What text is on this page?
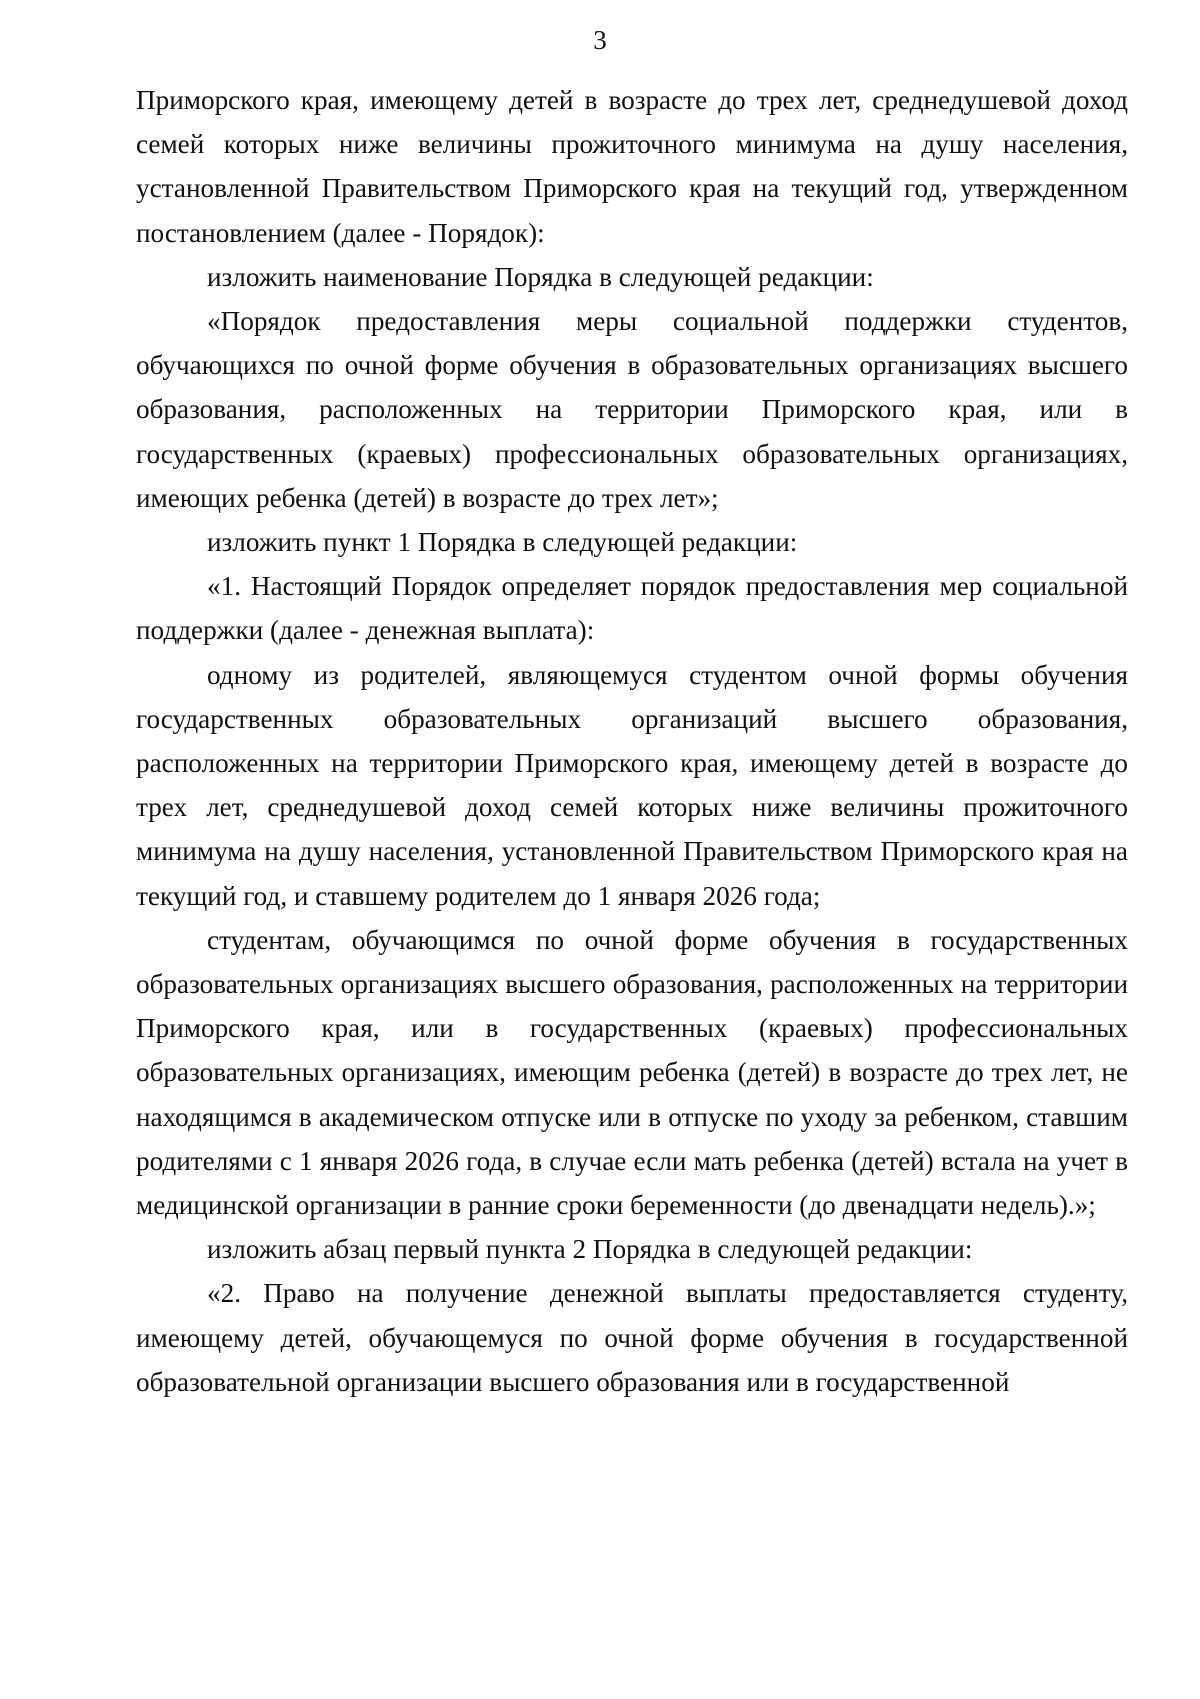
3

Приморского края, имеющему детей в возрасте до трех лет, среднедушевой доход семей которых ниже величины прожиточного минимума на душу населения, установленной Правительством Приморского края на текущий год, утвержденном постановлением (далее - Порядок):

изложить наименование Порядка в следующей редакции:

«Порядок предоставления меры социальной поддержки студентов, обучающихся по очной форме обучения в образовательных организациях высшего образования, расположенных на территории Приморского края, или в государственных (краевых) профессиональных образовательных организациях, имеющих ребенка (детей) в возрасте до трех лет»;

изложить пункт 1 Порядка в следующей редакции:

«1. Настоящий Порядок определяет порядок предоставления мер социальной поддержки (далее - денежная выплата):

одному из родителей, являющемуся студентом очной формы обучения государственных образовательных организаций высшего образования, расположенных на территории Приморского края, имеющему детей в возрасте до трех лет, среднедушевой доход семей которых ниже величины прожиточного минимума на душу населения, установленной Правительством Приморского края на текущий год, и ставшему родителем до 1 января 2026 года;

студентам, обучающимся по очной форме обучения в государственных образовательных организациях высшего образования, расположенных на территории Приморского края, или в государственных (краевых) профессиональных образовательных организациях, имеющим ребенка (детей) в возрасте до трех лет, не находящимся в академическом отпуске или в отпуске по уходу за ребенком, ставшим родителями с 1 января 2026 года, в случае если мать ребенка (детей) встала на учет в медицинской организации в ранние сроки беременности (до двенадцати недель).»;

изложить абзац первый пункта 2 Порядка в следующей редакции:

«2. Право на получение денежной выплаты предоставляется студенту, имеющему детей, обучающемуся по очной форме обучения в государственной образовательной организации высшего образования или в государственной
